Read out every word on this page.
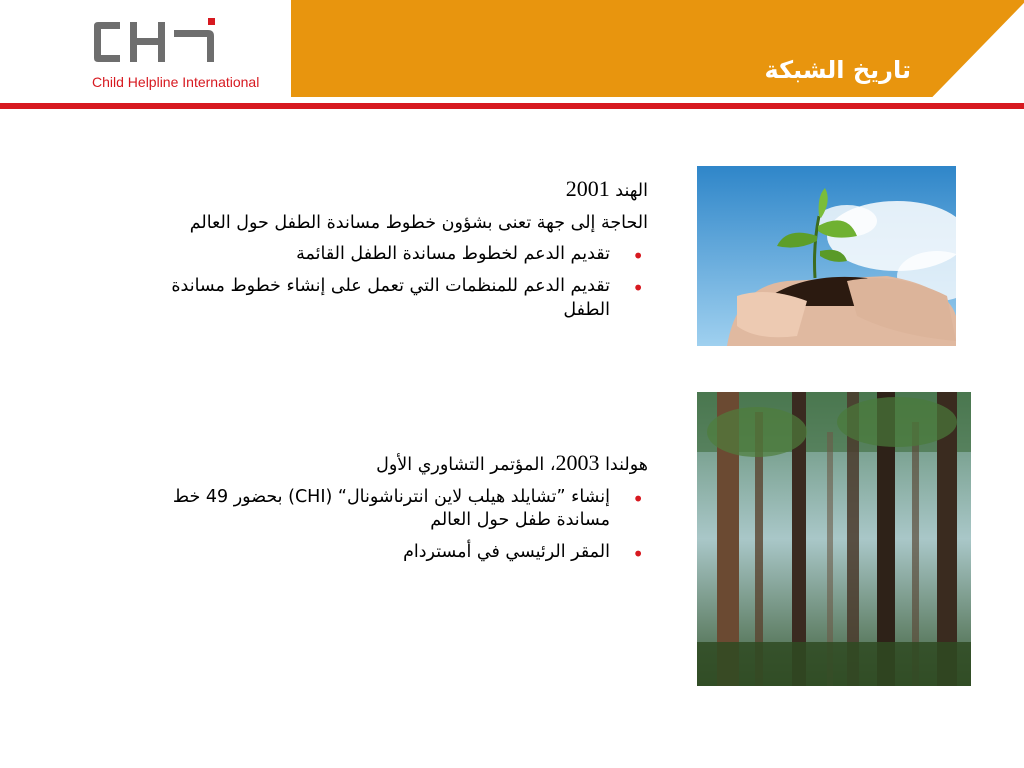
Child Helpline International	تاريخ الشبكة

الهند 2001

الحاجة إلى جهة تعنى بشؤون خطوط مساندة الطفل حول العالم

•
تقديم الدعم لخطوط مساندة الطفل القائمة
•
تقديم الدعم للمنظمات التي تعمل على إنشاء خطوط مساندة الطفل

هولندا 2003، المؤتمر التشاوري الأول

•
إنشاء ”تشايلد هيلب لاين انترناشونال“ (CHI) بحضور 49 خط مساندة طفل حول العالم
•
المقر الرئيسي في أمستردام
